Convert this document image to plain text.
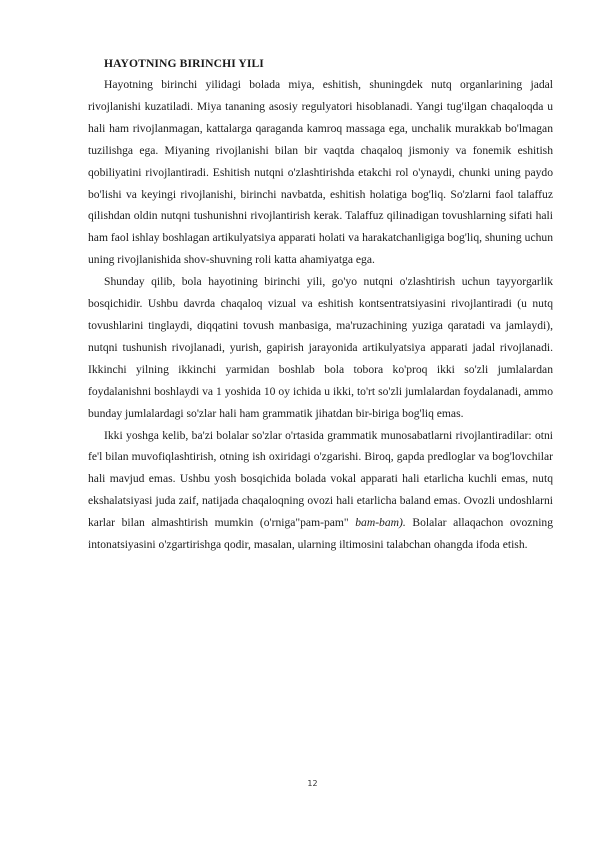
HAYOTNING BIRINCHI YILI

Hayotning birinchi yilidagi bolada miya, eshitish, shuningdek nutq organlarining jadal rivojlanishi kuzatiladi. Miya tananing asosiy regulyatori hisoblanadi. Yangi tug'ilgan chaqaloqda u hali ham rivojlanmagan, kattalarga qaraganda kamroq massaga ega, unchalik murakkab bo'lmagan tuzilishga ega. Miyaning rivojlanishi bilan bir vaqtda chaqaloq jismoniy va fonemik eshitish qobiliyatini rivojlantiradi. Eshitish nutqni o'zlashtirishda etakchi rol o'ynaydi, chunki uning paydo bo'lishi va keyingi rivojlanishi, birinchi navbatda, eshitish holatiga bog'liq. So'zlarni faol talaffuz qilishdan oldin nutqni tushunishni rivojlantirish kerak. Talaffuz qilinadigan tovushlarning sifati hali ham faol ishlay boshlagan artikulyatsiya apparati holati va harakatchanligiga bog'liq, shuning uchun uning rivojlanishida shov-shuvning roli katta ahamiyatga ega.

Shunday qilib, bola hayotining birinchi yili, go'yo nutqni o'zlashtirish uchun tayyorgarlik bosqichidir. Ushbu davrda chaqaloq vizual va eshitish kontsentratsiyasini rivojlantiradi (u nutq tovushlarini tinglaydi, diqqatini tovush manbasiga, ma'ruzachining yuziga qaratadi va jamlaydi), nutqni tushunish rivojlanadi, yurish, gapirish jarayonida artikulyatsiya apparati jadal rivojlanadi. Ikkinchi yilning ikkinchi yarmidan boshlab bola tobora ko'proq ikki so'zli jumlalardan foydalanishni boshlaydi va 1 yoshida 10 oy ichida u ikki, to'rt so'zli jumlalardan foydalanadi, ammo bunday jumlalardagi so'zlar hali ham grammatik jihatdan bir-biriga bog'liq emas.

Ikki yoshga kelib, ba'zi bolalar so'zlar o'rtasida grammatik munosabatlarni rivojlantiradilar: otni fe'l bilan muvofiqlashtirish, otning ish oxiridagi o'zgarishi. Biroq, gapda predloglar va bog'lovchilar hali mavjud emas. Ushbu yosh bosqichida bolada vokal apparati hali etarlicha kuchli emas, nutq ekshalatsiyasi juda zaif, natijada chaqaloqning ovozi hali etarlicha baland emas. Ovozli undoshlarni karlar bilan almashtirish mumkin (o'rniga"pam-pam" bam-bam). Bolalar allaqachon ovozning intonatsiyasini o'zgartirishga qodir, masalan, ularning iltimosini talabchan ohangda ifoda etish.

12
